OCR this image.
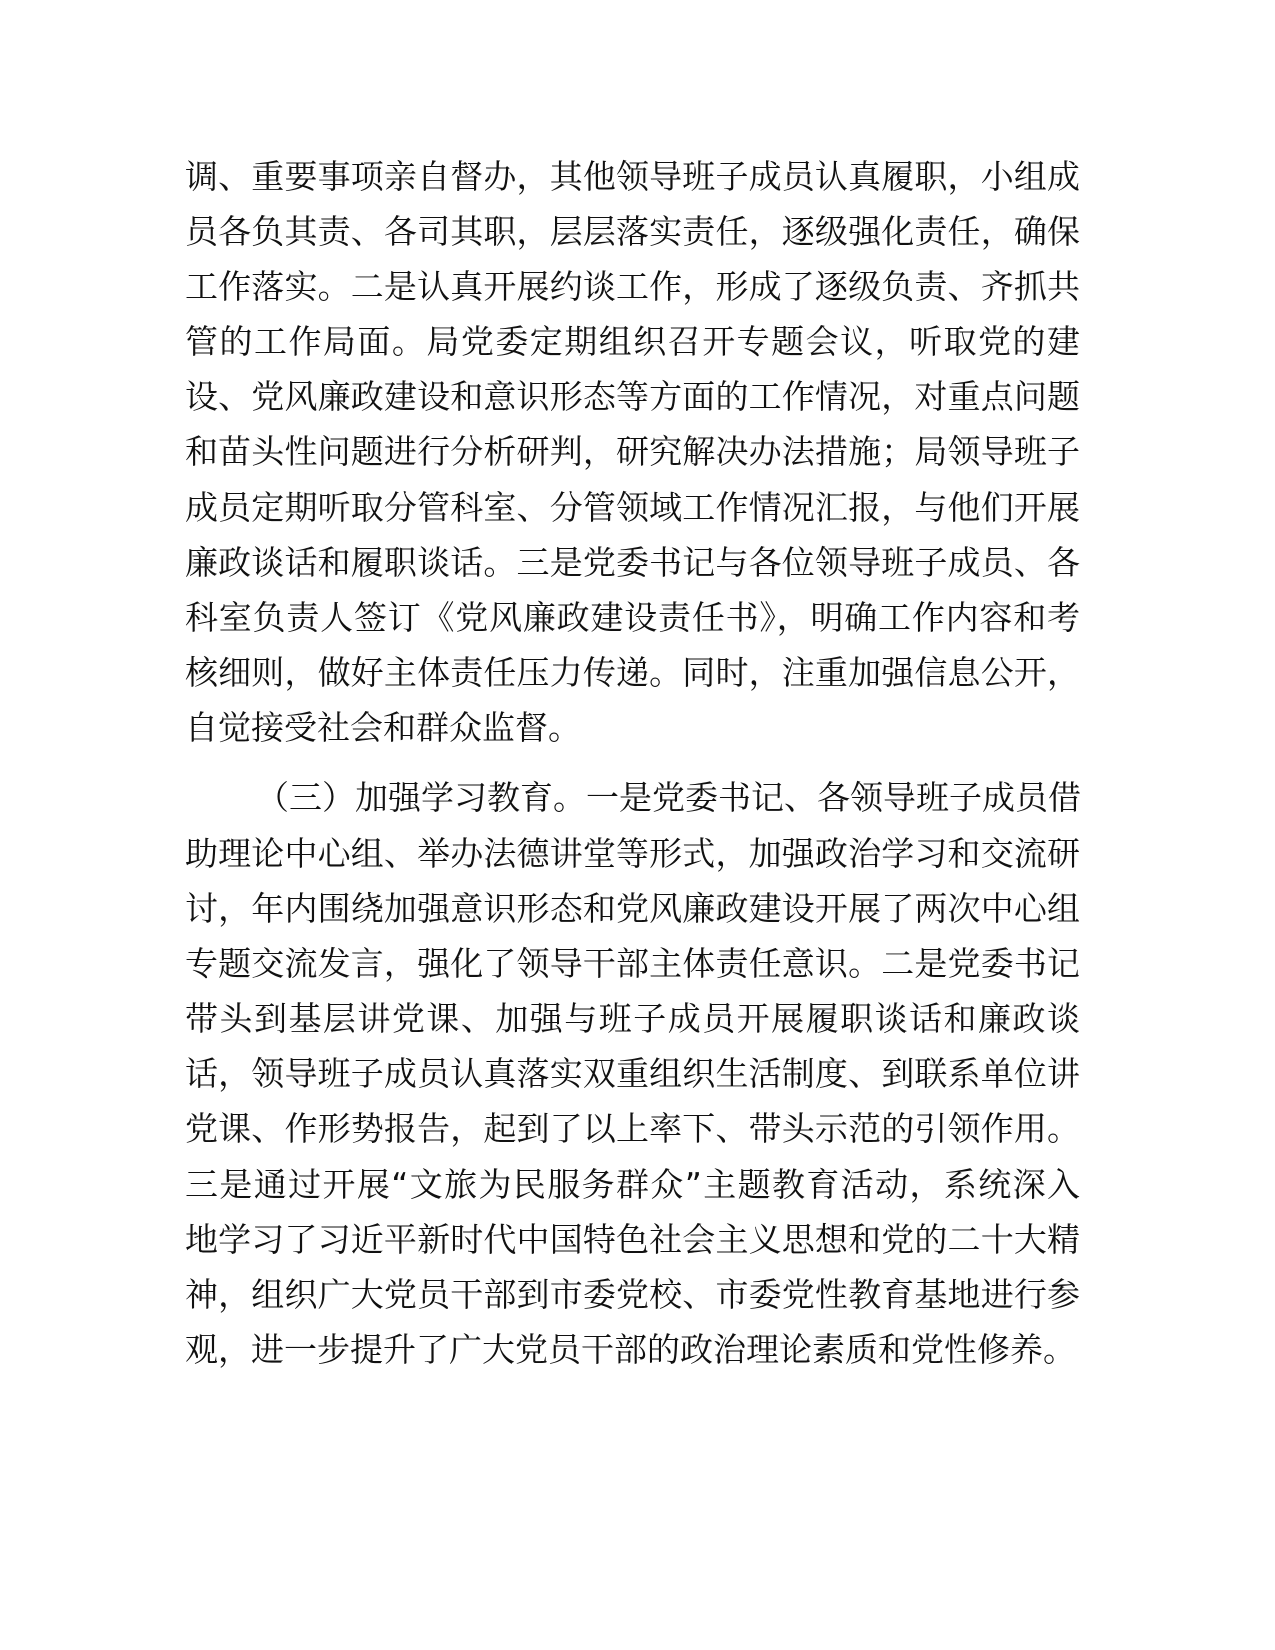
调、重要事项亲自督办，其他领导班子成员认真履职，小组成
员各负其责、各司其职，层层落实责任，逐级强化责任，确保
工作落实。二是认真开展约谈工作，形成了逐级负责、齐抓共
管的工作局面。局党委定期组织召开专题会议，听取党的建
设、党风廉政建设和意识形态等方面的工作情况，对重点问题
和苗头性问题进行分析研判，研究解决办法措施；局领导班子
成员定期听取分管科室、分管领域工作情况汇报，与他们开展
廉政谈话和履职谈话。三是党委书记与各位领导班子成员、各
科室负责人签订《党风廉政建设责任书》，明确工作内容和考
核细则，做好主体责任压力传递。同时，注重加强信息公开，
自觉接受社会和群众监督。
（三）加强学习教育。一是党委书记、各领导班子成员借
助理论中心组、举办法德讲堂等形式，加强政治学习和交流研
讨，年内围绕加强意识形态和党风廉政建设开展了两次中心组
专题交流发言，强化了领导干部主体责任意识。二是党委书记
带头到基层讲党课、加强与班子成员开展履职谈话和廉政谈
话，领导班子成员认真落实双重组织生活制度、到联系单位讲
党课、作形势报告，起到了以上率下、带头示范的引领作用。
三是通过开展“文旅为民服务群众”主题教育活动，系统深入
地学习了习近平新时代中国特色社会主义思想和党的二十大精
神，组织广大党员干部到市委党校、市委党性教育基地进行参
观，进一步提升了广大党员干部的政治理论素质和党性修养。
